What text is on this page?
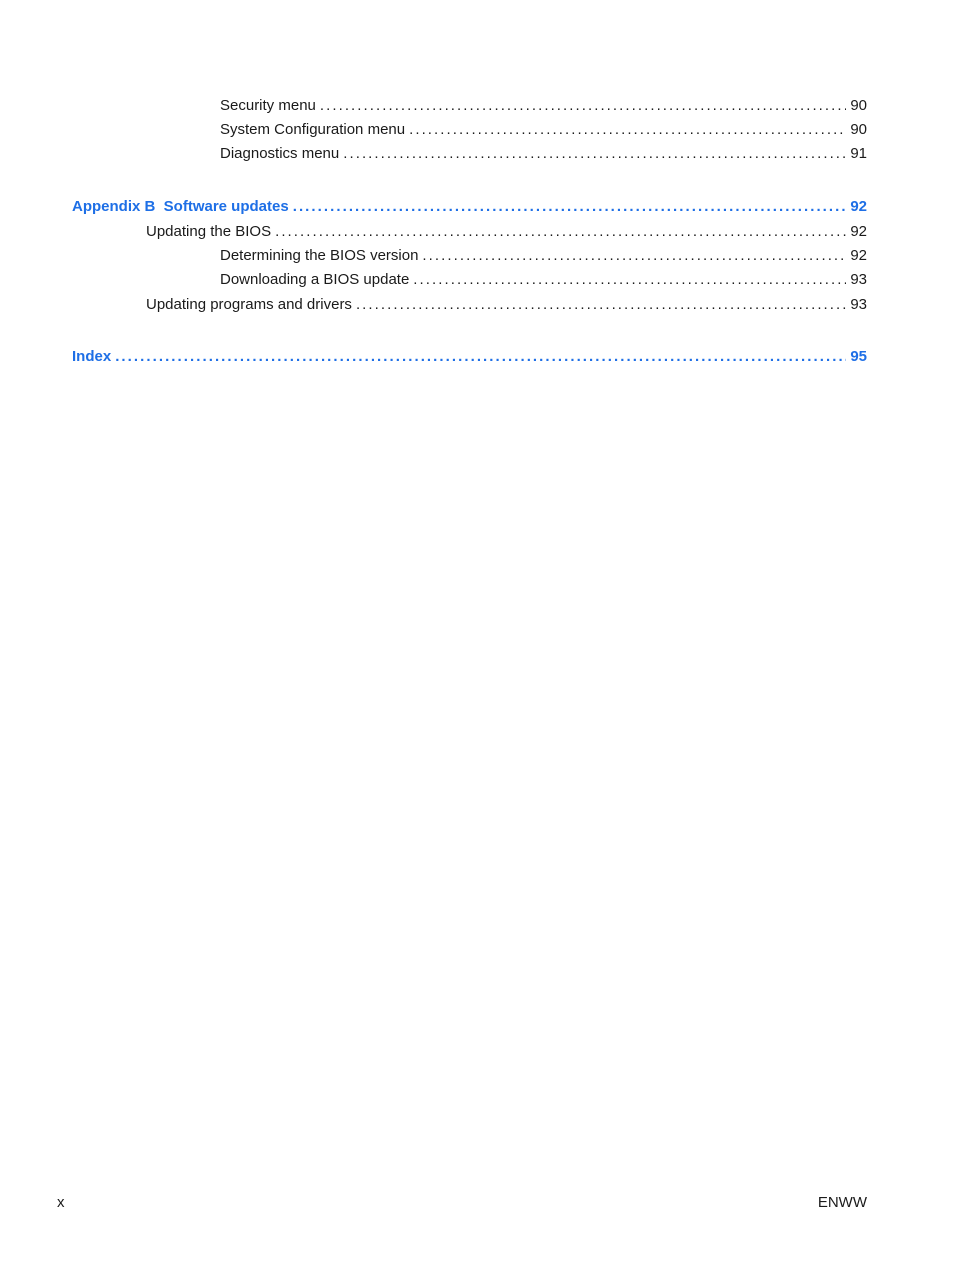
Security menu . . .	90
System Configuration menu . . .	90
Diagnostics menu . . .	91
Appendix B  Software updates . . .	92
Updating the BIOS . . .	92
Determining the BIOS version . . .	92
Downloading a BIOS update . . .	93
Updating programs and drivers . . .	93
Index . . .	95
x	ENWW
